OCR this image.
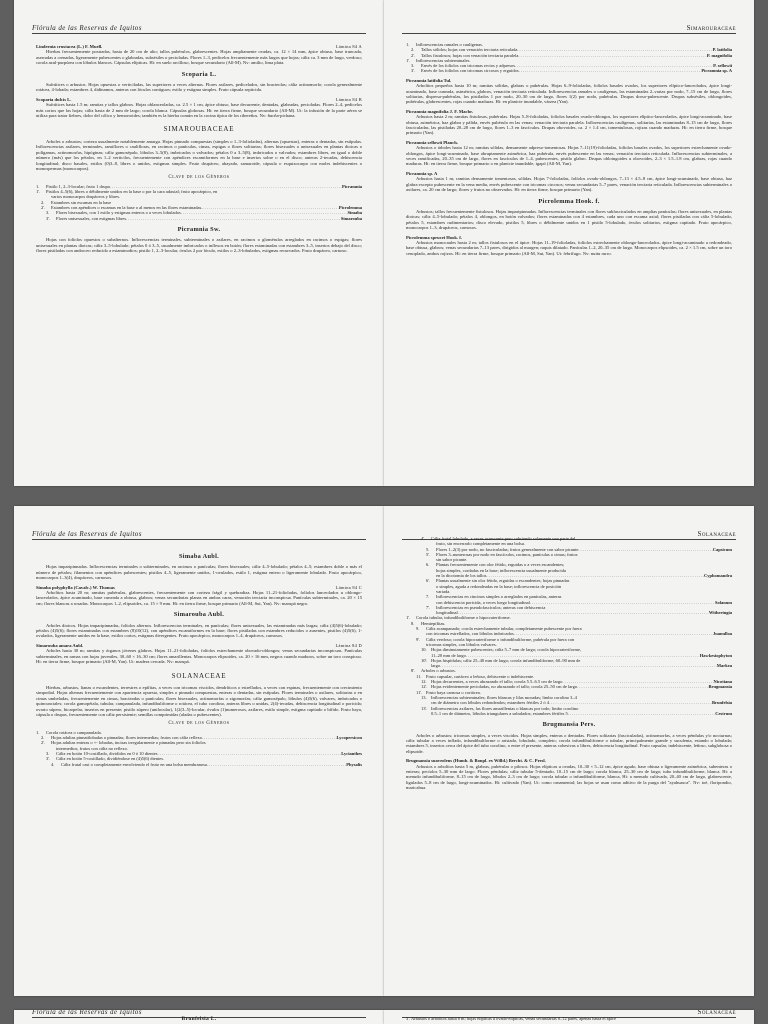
Flórula de las Reservas de Iquitos
Lindernia crustacea (L.) F. Muell.	Lámina 84 A

Hierbas frecuentemente postradas, hasta de 20 cm de alto; tallos pubérulos, glabrescentes. Hojas ampliamente ovadas, ca. 12 × 14 mm, ápice obtuso, base truncada, aserradas a crenadas, ligeramente pubescentes o glabradas, subsésiles o pecioladas. Flores 1–3, pedicelos frecuentemente más largos que hojas; cáliz ca. 3 mm de largo, verdoso; corola azul-purpúrea con lóbulos blancos. Cápsulas elípticas. Hi: en suelo arcilloso, bosque secundario (All-M). Nv: amilio, lima plata.

Scoparia L.

Sufrútices o arbustos. Hojas opuestas o verticiladas, las superiores a veces alternas. Flores axilares, pedicelados, sin bracteolas; cáliz actinomorfo; corola generalmente rotácea, 4-lobada; estambres 4, didínamos, anteras con lóculos contiguos; estilo y estigma simples. Fruto cápsula septicida.

Scoparia dulcis L.	Lámina 84 B

Sufrútices hasta 1.5 m; ramitas y tallos glabros. Hojas oblanceoladas, ca. 2.5 × 1 cm, ápice obtuso, base decurrente, dentadas, glabradas, pecioladas. Flores 2–4, pedicelos más cortos que las hojas; cáliz hasta de 2 mm de largo; corola blanca. Cápsulas globosas. Hi: en tierra firme, bosque secundario (All-M). Ut: la infusión de la parte aérea se utiliza para tratar fiebres, dolor del cólico y hemorroides; también es la hierba común en la cocina típica de los ribereños. Nv: ñucña-pichana.

SIMAROUBACEAE

Arboles o arbustos; corteza usualmente notablemente amarga. Hojas pinnado compuestas (simples o 1–3-folioladas), alternas (opuestas), enteras o dentadas, sin estípulas. Inflorescencias axilares, terminales, ramiflores o caulifloras, en racimos o panículas, cimas, espigas o flores solitarias; flores bisexuales o unisexuales en plantas dioicas o polígamas, actinomorfas, hipóginas; cáliz gamosépalo, lóbulos 3–5(8), imbricados o valvados; pétalos 0 a 3–5(8), imbricados o valvados; estambres libres, en igual o doble número (más) que los pétalos, en 1–2 verticilos, frecuentemente con apéndices escamiformes en la base e insertos sobre o en el disco; anteras 2-tecadas, dehiscencia longitudinal; disco basales, estilos (0)3–8, libres o unidos, estigmas simples. Fruto drupáceo, abayado, samaroide, cápsula o esquizocarpo con moles indehiscentes o monospermas (monocarpos).

Clave de los Géneros
1.	Pistilo 1, 2–3-locular; fruto 1 drupa .....	Picramnia
1'.	Pistilos 4–5(6), libres o débilmente unidos en la base o por la cara adaxial; fruto apocárpico, en
varios monocarpos drupáceos y libres.
2.	Estambres sin escamas en la base
2'.	Estambres con apéndices o escamas en la base o al menos en las flores estaminadas. .....	Picrolemma
3.	Flores bisexuales, con 1 estilo y estigmas enteros o a veces lobulados .....	Simaba
3'.	Flores unisexuales, con estigmas libres .....	Simarouba
Picramnia Sw.

Hojas con folíolos opuestos o subalternos. Inflorescencias terminales, subterminales o axilares, en racimos o glomérulos arreglados en racimos o espigas; flores unisexuales en plantas dioicas; cáliz 3–5-lobulado; pétalos 0 ó 3–5, usualmente imbricados o inflexos en botón; flores estaminadas con estambres 3–5, insertos debajo del disco; flores pistiladas con androceo reducido a estaminodios; pistilo 1, 2–3-locular, óvulos 2 por lóculo, estilos o 2–3-lobulados, estigmas recurvados. Fruto drupáceo, carnoso.

Simaroubaceae
1.	Inflorescencias ramales o caulígenas.
2.	Tallos sólidos; hojas con venación terciaria reticulada .....	P. latifolia
2'.	Tallos fistulosos; hojas con venación terciaria paralela .....	P. magnifolia
1'.	Inflorescencias subterminales.
3.	Envés de los folíolos con tricomas rectos y adpresos .....	P. sellowii
3'.	Envés de los folíolos con tricomas circosos y erguidos .....	Picramnia sp. A
Picramnia latifolia Tul.

Arbolitos pequeños hasta 10 m; ramitas sólidas, glabras o pubérulas. Hojas 6–9-folioladas, folíolos basales ovados, los superiores elíptico-lanceolados, ápice longi-acuminado, base cuneada, asimétrica, glabros, venación terciaria reticulada. Inflorescencias ramales o caulígenas, las estaminadas 2–varias por nodo, 7–15 cm de largo, flores solitarias, dispersa-pubérulas, los pistilados 1 por nodo, 20–30 cm de largo, flores 1(2) por nodo, pubérulas. Drupas dorso-pubescente. Drupas subsésiles, oblongoides, pubérulas, glabrescentes, rojas cuando maduras. Hi: en planicie inundable, várzea (Yan).

Picramnia magnifolia J. F. Macbr.

Arbustos hasta 2 m; ramitas fistulosas, pubérulas. Hojas 5–8-folioladas, folíolos basales ovado-oblongos, los superiores elíptico-lanceolados, ápice longi-acuminado, base obtusa, asimétrica, haz glabra y pálida, envés pubérulo en las venas; venación terciaria paralela. Inflorescencias caulígenas, solitarias, las estaminadas 8–15 cm de largo, flores fasciculadas, las pistiladas 20–28 cm de largo, flores 1–3 en fascículos. Drupas obovoides, ca. 2 × 1.4 cm, tomentulosas, rojizas cuando maduras. Hi: en tierra firme, bosque primario (Yan).

Picramnia sellowii Planch.

Arbustos o árboles hasta 12 m; ramitas sólidas, densamente adpreso-tomentosas. Hojas 7–11(19)-folioladas, folíolos basales ovados, los superiores estrechamente ovado-oblongos, ápice longi-acuminado, base abruptamente asimétrica, haz pubérula, envés pubescente en las venas; venación terciaria reticulada. Inflorescencias subterminales, a veces ramificadas, 20–35 cm de largo, flores en fascículos de 1–4, pubescentes, pistilo glabro. Drupas obloingoides u obovoides, 2–3 × 1.5–1.8 cm, glabras, rojas cuando maduras. Hi: en tierra firme, bosque primario o en planicie inundable, igapó (All-M, Yan).

Picramnia sp. A

Arbustos hasta 1 m; ramitas densamente tomentosas, sólidas. Hojas 7-folioladas, folíolos ovado-oblongos, 7–13 × 4.5–8 cm, ápice longi-acuminado, base obtusa, haz glabra excepto pubescente en la vena media, envés pubescente con tricomas circosos; venas secundarias 5–7 pares, venación terciaria reticulada. Inflorescencias subterminales o axilares, ca. 20 cm de largo; flores y frutos no observados. Hi: en tierra firme, bosque primario (Yan).

Picrolemma Hook. f.

Arbustos; tallos frecuentemente fistulosos. Hojas imparipinnadas. Inflorescencias terminales con flores subfasciculados en amplias panículas; flores unisexuales, en plantas dioicas; cáliz 4–5-lobulado; pétalos 4, oblongos, en botón valvados; flores estaminadas con 4 estambres, cada uno con escama axial; flores pistiladas con cáliz 5-lobulado, pétalos 5, estambres rudimentarios; disco elevado, pistilos 5, libres o débilmente unidos en 1 pistilo 5-lobulado, óvulos solitarios, estigma capitado. Fruto apocárpico, monocarpos 1–3, drupáceos, carnosos.

Picrolemma sprucei Hook. f.

Arbustos monocaules hasta 2 m; tallos fistulosos en el ápice. Hojas 11–19-folioladas, folíolos estrechamente oblongo-lanceolados, ápice longi-acuminado a redondeado, base obtusa, glabros; venas secundarias 7–13 pares, dirigidos al margen; raquis dilatado. Panículas 1–2, 20–35 cm de largo. Monocarpos elipsoides, ca. 2 × 1.5 cm, sobre un toro cenoplado, ambos rojizos. Hi: en tierra firme, bosque primario (All-M, Sut, Yan). Ut: febrífugo. Nv: nuitu rurro.

Flórula de las Reservas de Iquitos
Simaba Aubl.

Hojas imparipinnadas. Inflorescencias terminales o subterminales, en racimos o panículas; flores bisexuales; cáliz 4–5-lobulado; pétalos 4–5; estambres doble o más el número de pétalos; filamentos con apéndices pubescentes; pistilos 4–5, ligeramente unidos, 1-ovulados, estilo 1, estigma entero o ligeramente lobulado. Fruto apocárpico, monocarpos 1–3(4), drupáceos, carnosos.

Simaba polyphylla (Cavalc.) W. Thomas	Lámina 84 C

Arbolitos hasta 20 m; ramitas pubérulas, glabrescentes, frecuentemente con corteza frágil y quebradiza. Hojas 11–21-folioladas, folíolos lanceolados u oblongo-lanceolados, ápice acuminado, base cuneada a obtusa, glabros; venas secundarias planas en ambas caras, venación terciaria inconspicua. Panículas subterminales, ca. 20 × 15 cm; flores blancas a rosadas. Monocarpos 1–2, elipsoides, ca. 15 × 9 mm. Hi: en tierra firme, bosque primario (All-M, Sut, Yan). Nv: marupá negro.

Simarouba Aubl.

Arboles dioicos. Hojas imparipinnadas, folíolos alternos. Inflorescencias terminales, en panículas; flores unisexuales, las estaminadas más largas; cáliz (4)5(6)-lobulado; pétalos (4)5(6); flores estaminadas con estambres (8)10(12), con apéndices escamiformes en la base; flores pistiladas con estambres reducidos o ausentes, pistilos (4)5(6), 1-ovulados, ligeramente unidos en la base, estilos cortos, estigmas divergentes. Fruto apocárpico, monocarpos 1–4, drupáceos, carnosos.

Simarouba amara Aubl.	Lámina 84 D

Arboles hasta 30 m; ramitas y órganos jóvenes glabros. Hojas 11–21-folioladas, folíolos estrechamente obovado-oblongos; venas secundarias inconspicuas. Panículas subterminales, en ramas con hojas juveniles, 30–60 × 16–30 cm; flores amarillentas. Monocarpos elipsoides, ca. 20 × 16 mm, negros cuando maduros, sobre un toro conspicuo. Hi: en tierra firme, bosque primario (All-M, Yan). Ut: madera cercada. Nv: marupá.

SOLANACEAE

Hierbas, arbustos, lianas o escandentes, terrestres o epífitas, a veces con tricomas viscidos, dendríticos o estrellados, a veces con espinas, frecuentemente con crecimiento simpodial. Hojas alternas frecuentemente con apariencia opuesta, simples o pinnado compuestas, enteras o dentadas, sin estípulas. Flores terminales o axilares, solitarias o en cimas umbeladas, frecuentemente en cimas, bracteadas o panículas; flores bisexuales, actinomorfas o zigomorfas; cáliz gamosépalo, lóbulos (4)5(6), valvares, imbricados o quincunciales; corola gamopétala, tubular, campanulada, infundibuliforme o rotácea, el tubo corolino, anteras libres o unidas, 2(4)-tecadas, dehiscencia longitudinal o poricida; ovario súpero, bicarpelar, insertos en presente; pistilo súpero (unilocular), 1(2(3–5)-locular, óvulos (1)numerosos, axilares, estilo simple, estigma capitado o bífido. Fruto baya, cápsula o drupas, frecuentemente con cáliz persistente; semillas comprimidas (aladas o pubescentes).

Clave de los Géneros
1.	Corola rotácea o campanulada.
2.	Hojas adultas pinnatilobadas o pinnadas; flores intermedias; frutos con cáliz reflexo .....	Lycopersicon
2'.	Hojas adultas enteras o +- lobadas, incisas irregularmente o pinnadas pero sin folíolos
intermedios; frutos con cáliz no reflexo.
3.	Cáliz en botón 10-costillado, divididos en 0 ó 10 dientes .....	Lycianthes
3'.	Cáliz en botón 5-costillado, dividiéndose en (4)5(6) dientes.
4.	Cáliz frutal casi o completamente envolviendo el fruto en una bolsa membranosa .....	Physalis
Solanaceae
4'.	Cáliz frutal lobulado, a veces acrescente pero cubriendo solamente una parte del
fruto, sin encerrarlo completamente en una bolsa.
5.	Flores 1–2(3) por nodo, no fasciculadas; frutos generalmente con sabor picante .....	Capsicum
5'.	Flores 3–numerosas por nodo en fascículos, racimos, panículas o cimas; frutos
sin sabor picante.
6.	Plantas frecuentemente con olor fétido, erguidas o a veces escandentes;
hojas simples, cordadas en la base; inflorescencia usualmente producida
en la dicotomía de los tallos .....	Cyphomandra
6'.	Plantas usualmente sin olor fétido, erguidas o escandentes; hojas pinnadas
o simples, aguda a redondeadas en la base; inflorescencia de posición
variada.
7.	Inflorescencias en cincinos simples o arreglados en panículas, anteras
con dehiscencia poricida, a veces luego longitudinal .....	Solanum
7'.	Inflorescencias en pseudofascículos; anteras con dehiscencia
longitudinal .....	Witheringia
1'.	Corola tubular, infundibuliforme o hipocrateriforme.
8.	Hemiepífitas.
9.	Cáliz acampanado; corola estrechamente tubular, completamente pubescente por fuera
con tricomas estrellados, con lóbulos imbricados .....	Juanulloa
9'.	Cáliz verdoso; corola hipocrateriforme o infundibuliforme, pubérula por fuera con
tricomas simples, con lóbulos valvares.
10. Hojas diminutamente pubescentes; cáliz 5–7 mm de largo; corola hipocrateriforme,
11–20 mm de largo .....	Hawkesiophyton
10'. Hojas hispídulas; cáliz 25–40 mm de largo; corola infundibuliforme, 60–90 mm de
largo .....	Markea
8'.	Arboles o arbustos.
11.	Fruto capsular, cartáceo a leñoso, dehiscente o indehiscente.
12. Hojas decurrentes, a veces abrazando el tallo; corola 5.5–6.5 cm de largo .....	Nicotiana
12'. Hojas evidentemente pecioladas, no abrazando el tallo; corola 25–50 cm de largo .....	Brugmansia
11'. Fruto baya carnosa o coriácea.
13. Inflorescencias subterminales; flores blancas y lilas moradas; limbo corolino 3–4
cm de diámetro con lóbulos redondeados; estambres fértiles 2 ó 4 .....	Brunfelsia
13'. Inflorescencias axilares, las flores amarillentas o blancas por todo; limbo corolino
0.5–1 cm de diámetro, lóbulos triangulares a subulados; estambres fértiles 5 .....	Cestrum
Brugmansia Pers.

Arboles o arbustos; tricomas simples, a veces viscidos. Hojas simples, enteras o dentadas. Flores solitarias (fasciculadas), actinomorfas, a veces péndulas y/o nocturnas; cáliz tubular a veces inflado, infundibuliforme o aristado, lobulado, completo; corola infundibuliforme o tubular, principalmente grande y suculenta, estando o lobulada; estambres 5, insertos cerca del ápice del tubo corolino, o entre el presente, anteras cohesivas o libres, dehiscencia longitudinal. Fruto capsular, indehiscente, leñoso, subglobosa o elipsoide.

Brugmansia suaveolens (Humb. & Bonpl. ex Willd.) Bercht. & C. Presl.

Arbustos o arbolitos hasta 5 m, glabras, pubérulas o pilosos. Hojas elípticas u ovadas, 10–30 × 5–12 cm, ápice agudo, base obtusa o ligeramente asimétrica, subenteras o enteras; pecíolos 5–30 mm de largo. Flores péndulas; cáliz tubular 5-dentado, 10–15 cm de largo; corola blanca, 25–30 cm de largo; tubo infundibuliforme, blanca. Hi: a menudo infundibuliforme, 8–15 cm de largo, lóbulos 2–3 cm de largo; corola tubular o infundibuliforme, blanca, Hi: a menudo cultivada, 20–40 cm de largo, glabrescente, ligulados 5–8 cm de largo, longi-acuminados. Hi: cultivado (Yan). Ut: como ornamental; las hojas se usan como aditivo de la purga del "ayahuasca". Nv: toé, floripondio, maricahua.

Flórula de las Reservas de Iquitos
Brunfelsia L.
Solanaceae
3'. Arbustos o arbolitos hasta 6 m; hojas elípticas u ovado-elípticas, venas secundarias 8–12 pares, apenas hasta el ápice
